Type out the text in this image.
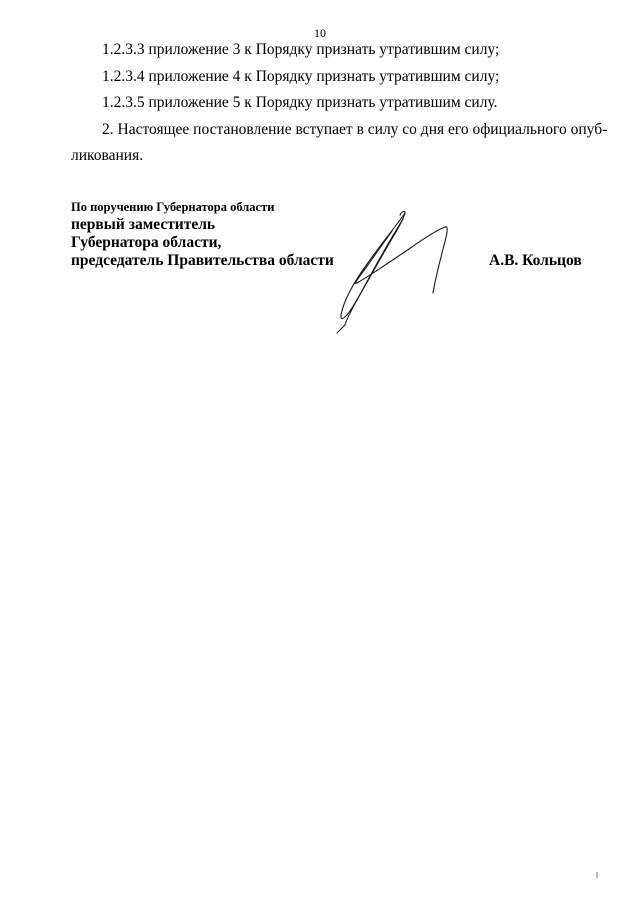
10
1.2.3.3 приложение 3 к Порядку признать утратившим силу;
1.2.3.4 приложение 4 к Порядку признать утратившим силу;
1.2.3.5 приложение 5 к Порядку признать утратившим силу.
2. Настоящее постановление вступает в силу со дня его официального опуб-
ликования.
По поручению Губернатора области
первый заместитель
Губернатора области,
председатель Правительства области	А.В. Кольцов
